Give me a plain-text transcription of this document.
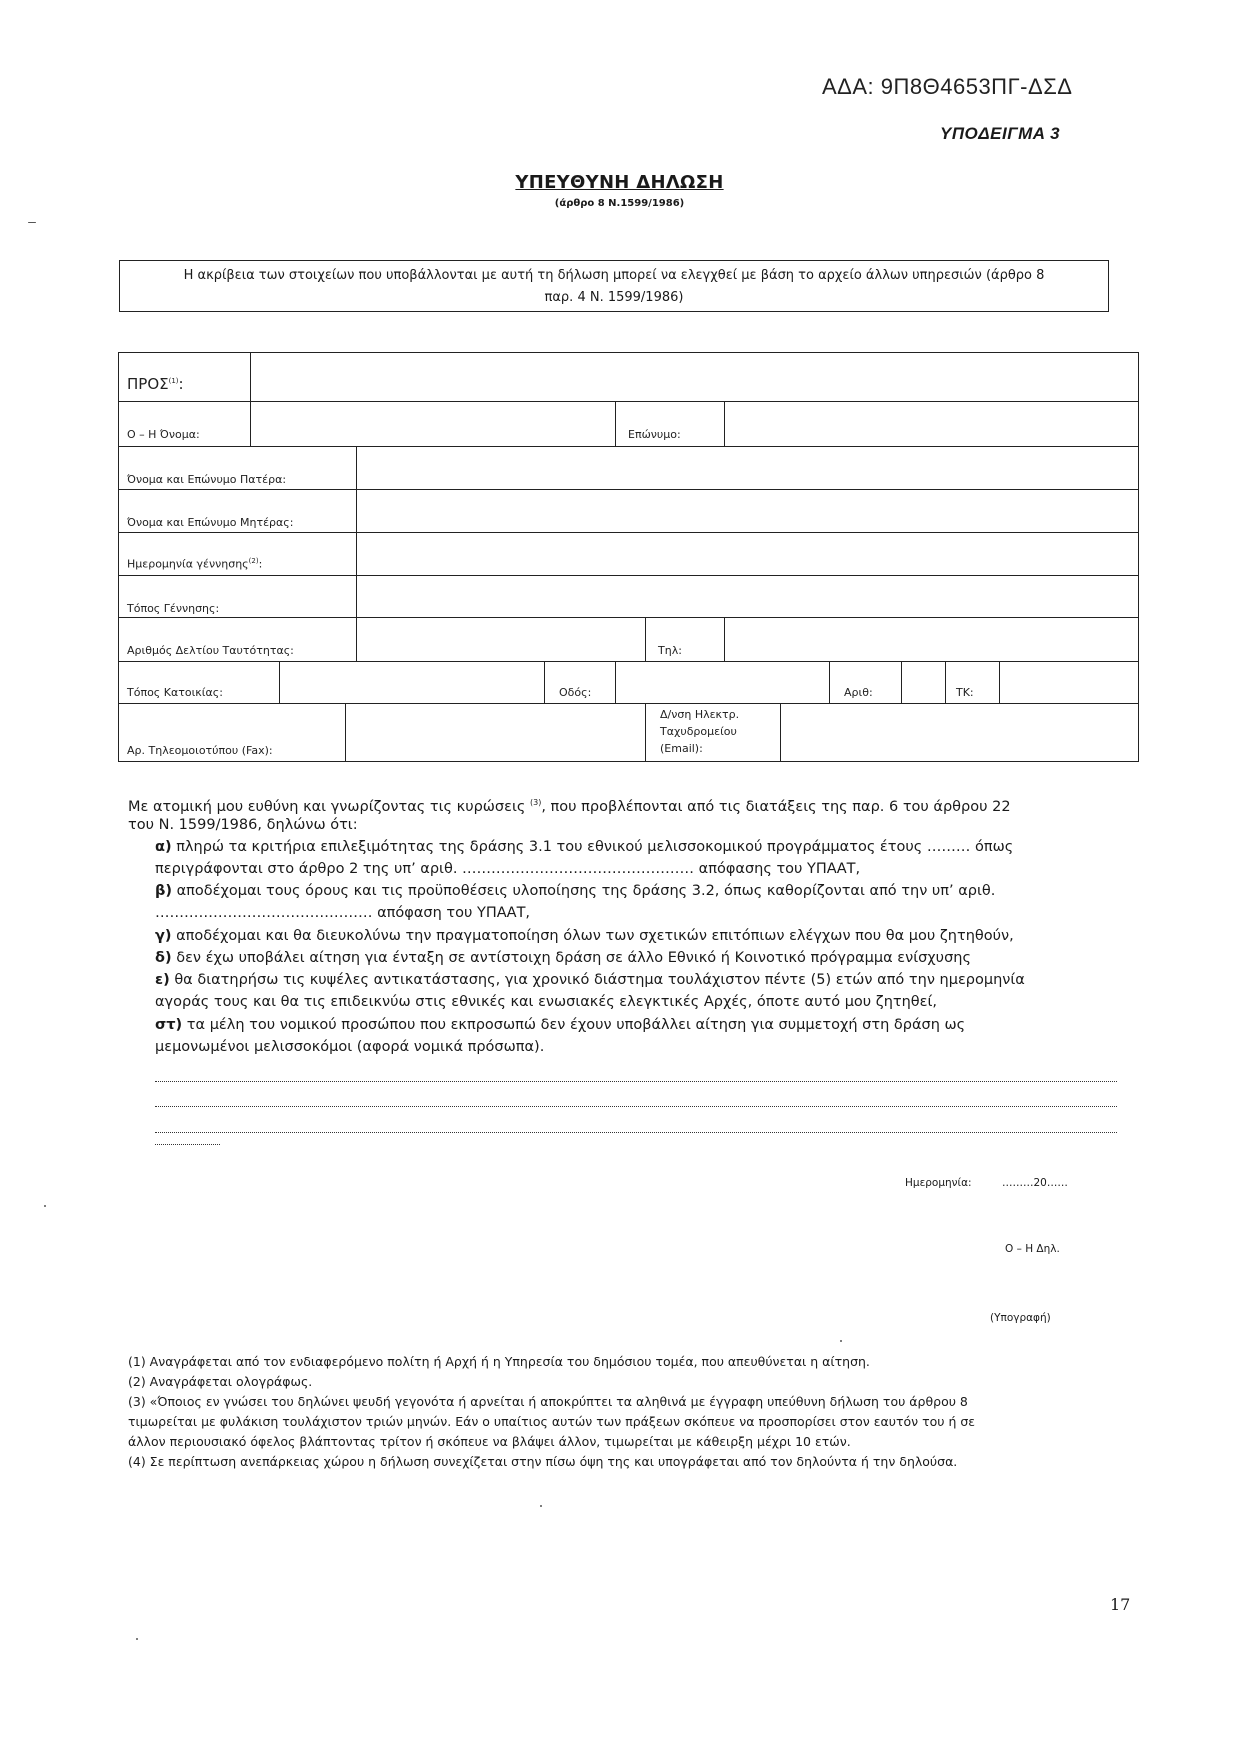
ΑΔΑ: 9Π8Θ4653ΠΓ-ΔΣΔ
ΥΠΟΔΕΙΓΜΑ 3
ΥΠΕΥΘΥΝΗ ΔΗΛΩΣΗ
(άρθρο 8 Ν.1599/1986)
Η ακρίβεια των στοιχείων που υποβάλλονται με αυτή τη δήλωση μπορεί να ελεγχθεί με βάση το αρχείο άλλων υπηρεσιών (άρθρο 8
παρ. 4 Ν. 1599/1986)
ΠΡΟΣ$^{(1)}$:
Ο – Η Όνομα:	Επώνυμο:
Όνομα και Επώνυμο Πατέρα:
Όνομα και Επώνυμο Μητέρας:
Ημερομηνία γέννησης$^{(2)}$:
Τόπος Γέννησης:
Αριθμός Δελτίου Ταυτότητας:	Τηλ:
Τόπος Κατοικίας:	Οδός:	Αριθ:	ΤΚ:
Αρ. Τηλεομοιοτύπου (Fax):
Δ/νση Ηλεκτρ.
Ταχυδρομείου
(Email):
Με ατομική μου ευθύνη και γνωρίζοντας τις κυρώσεις $^{(3)}$, που προβλέπονται από τις διατάξεις της παρ. 6 του άρθρου 22
του Ν. 1599/1986, δηλώνω ότι:
α) πληρώ τα κριτήρια επιλεξιμότητας της δράσης 3.1 του εθνικού μελισσοκομικού προγράμματος έτους ……… όπως
περιγράφονται στο άρθρο 2 της υπ’ αριθ. ………………………………………… απόφασης του ΥΠΑΑΤ,
β) αποδέχομαι τους όρους και τις προϋποθέσεις υλοποίησης της δράσης 3.2, όπως καθορίζονται από την υπ’ αριθ.
……………………………………… απόφαση του ΥΠΑΑΤ,
γ) αποδέχομαι και θα διευκολύνω την πραγματοποίηση όλων των σχετικών επιτόπιων ελέγχων που θα μου ζητηθούν,
δ) δεν έχω υποβάλει αίτηση για ένταξη σε αντίστοιχη δράση σε άλλο Εθνικό ή Κοινοτικό πρόγραμμα ενίσχυσης
ε) θα διατηρήσω τις κυψέλες αντικατάστασης, για χρονικό διάστημα τουλάχιστον πέντε (5) ετών από την ημερομηνία
αγοράς τους και θα τις επιδεικνύω στις εθνικές και ενωσιακές ελεγκτικές Αρχές, όποτε αυτό μου ζητηθεί,
στ) τα μέλη του νομικού προσώπου που εκπροσωπώ δεν έχουν υποβάλλει αίτηση για συμμετοχή στη δράση ως
μεμονωμένοι μελισσοκόμοι (αφορά νομικά πρόσωπα).
Ημερομηνία:	………20……
Ο – Η Δηλ.
(Υπογραφή)
(1) Αναγράφεται από τον ενδιαφερόμενο πολίτη ή Αρχή ή η Υπηρεσία του δημόσιου τομέα, που απευθύνεται η αίτηση.
(2) Αναγράφεται ολογράφως.
(3) «Όποιος εν γνώσει του δηλώνει ψευδή γεγονότα ή αρνείται ή αποκρύπτει τα αληθινά με έγγραφη υπεύθυνη δήλωση του άρθρου 8
τιμωρείται με φυλάκιση τουλάχιστον τριών μηνών. Εάν ο υπαίτιος αυτών των πράξεων σκόπευε να προσπορίσει στον εαυτόν του ή σε
άλλον περιουσιακό όφελος βλάπτοντας τρίτον ή σκόπευε να βλάψει άλλον, τιμωρείται με κάθειρξη μέχρι 10 ετών.
(4) Σε περίπτωση ανεπάρκειας χώρου η δήλωση συνεχίζεται στην πίσω όψη της και υπογράφεται από τον δηλούντα ή την δηλούσα.
17
